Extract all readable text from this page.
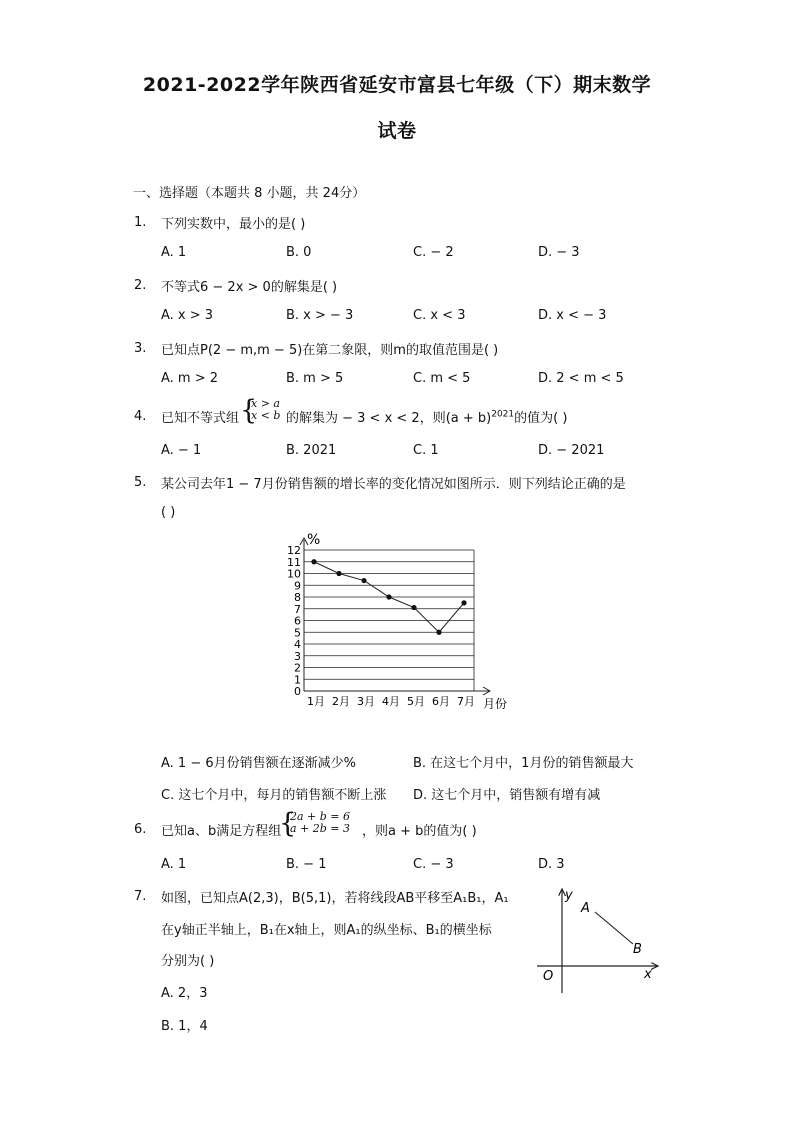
2021-2022学年陕西省延安市富县七年级（下）期末数学
试卷
一、选择题（本题共 8 小题，共 24分）
1. 下列实数中，最小的是( )
A. 1	B. 0	C. − 2	D. − 3
2. 不等式6 − 2x > 0的解集是( )
A. x > 3	B. x > − 3	C. x < 3	D. x < − 3
3. 已知点P(2 − m,m − 5)在第二象限，则m的取值范围是( )
A. m > 2	B. m > 5	C. m < 5	D. 2 < m < 5
4. 已知不等式组 {
x > a
x < b 的解集为 − 3 < x < 2，则$(a + b)^{2021}$的值为( )
A. − 1	B. 2021	C. 1	D. − 2021
5. 某公司去年1 − 7月份销售额的增长率的变化情况如图所示．则下列结论正确的是
( )
0
1
2
3
4
5
6
7
8
9
10
11
12
1月 2月 3月 4月 5月 6月 7月
%
月份
A. 1 − 6月份销售额在逐渐减少%	B. 在这七个月中，1月份的销售额最大
C. 这七个月中，每月的销售额不断上涨 D. 这七个月中，销售额有增有减
6. 已知a、b满足方程组
{
2a + b = 6
a + 2b = 3 ，则a + b的值为( )
A. 1	B. − 1	C. − 3	D. 3
7. 如图，已知点A(2,3)，B(5,1)，若将线段AB平移至A₁B₁，A₁
在y轴正半轴上，B₁在x轴上，则A₁的纵坐标、B₁的横坐标
分别为( )
A. 2，3
B. 1，4
y
x
O
A
B
